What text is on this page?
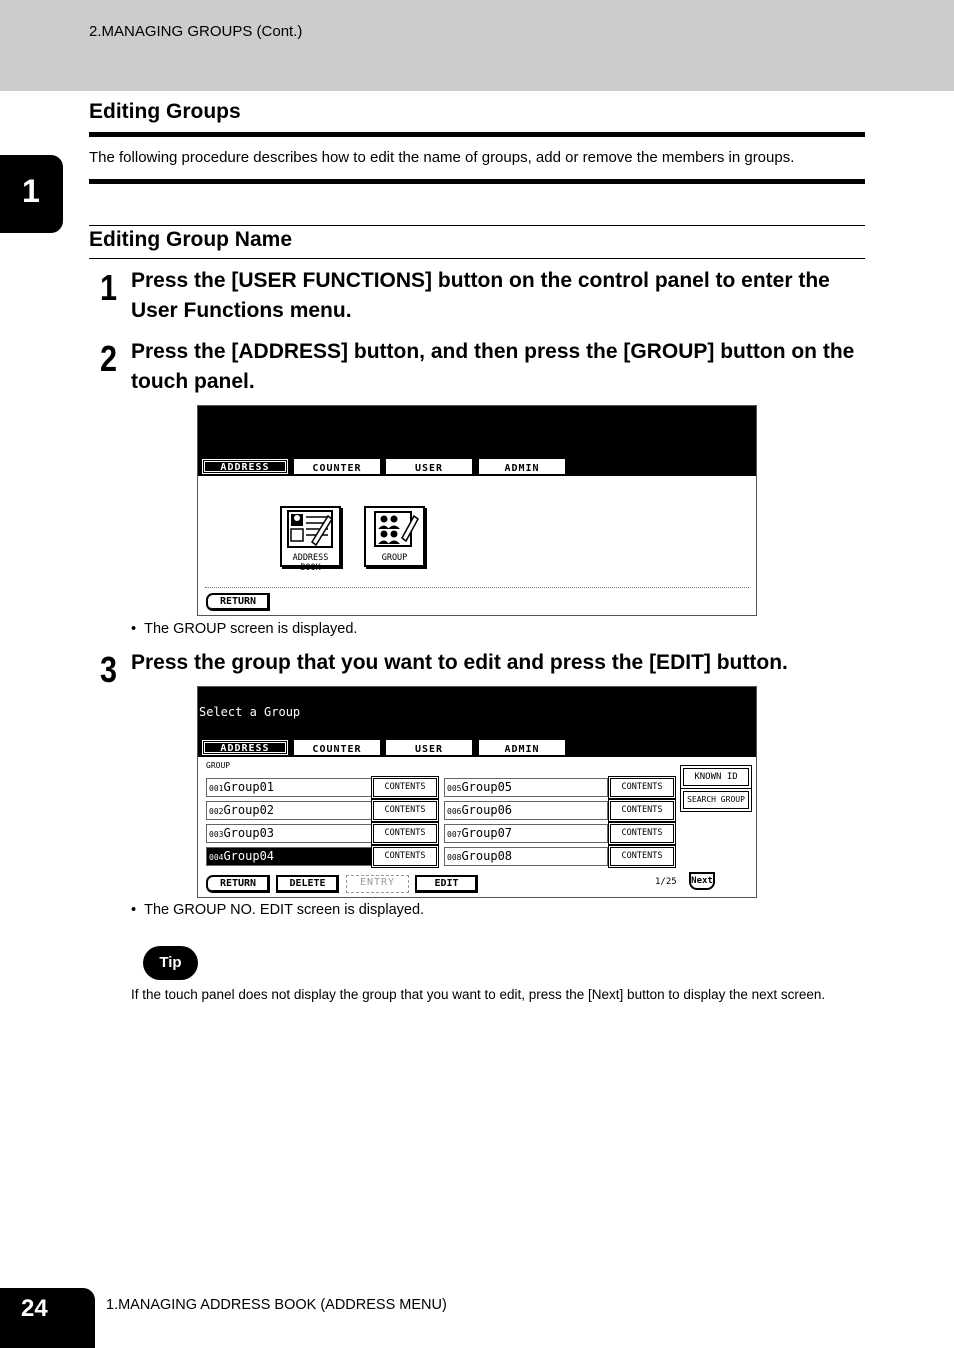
2.MANAGING GROUPS (Cont.)
1
Editing Groups
The following procedure describes how to edit the name of groups, add or remove the members in groups.
Editing Group Name
1 Press the [USER FUNCTIONS] button on the control panel to enter the User Functions menu.
2 Press the [ADDRESS] button, and then press the [GROUP] button on the touch panel.
ADDRESS	COUNTER	USER	ADMIN
ADDRESS BOOK
GROUP
RETURN
•  The GROUP screen is displayed.
3 Press the group that you want to edit and press the [EDIT] button.
Select a Group
ADDRESS	COUNTER	USER	ADMIN
GROUP
001Group01	CONTENTS
002Group02	CONTENTS
003Group03	CONTENTS
004Group04	CONTENTS
005Group05	CONTENTS
006Group06	CONTENTS
007Group07	CONTENTS
008Group08	CONTENTS
KNOWN ID
SEARCH GROUP
RETURN	DELETE	ENTRY	EDIT	1/25 Next
•  The GROUP NO. EDIT screen is displayed.
Tip
If the touch panel does not display the group that you want to edit, press the [Next] button to display the next screen.
24	1.MANAGING ADDRESS BOOK (ADDRESS MENU)
